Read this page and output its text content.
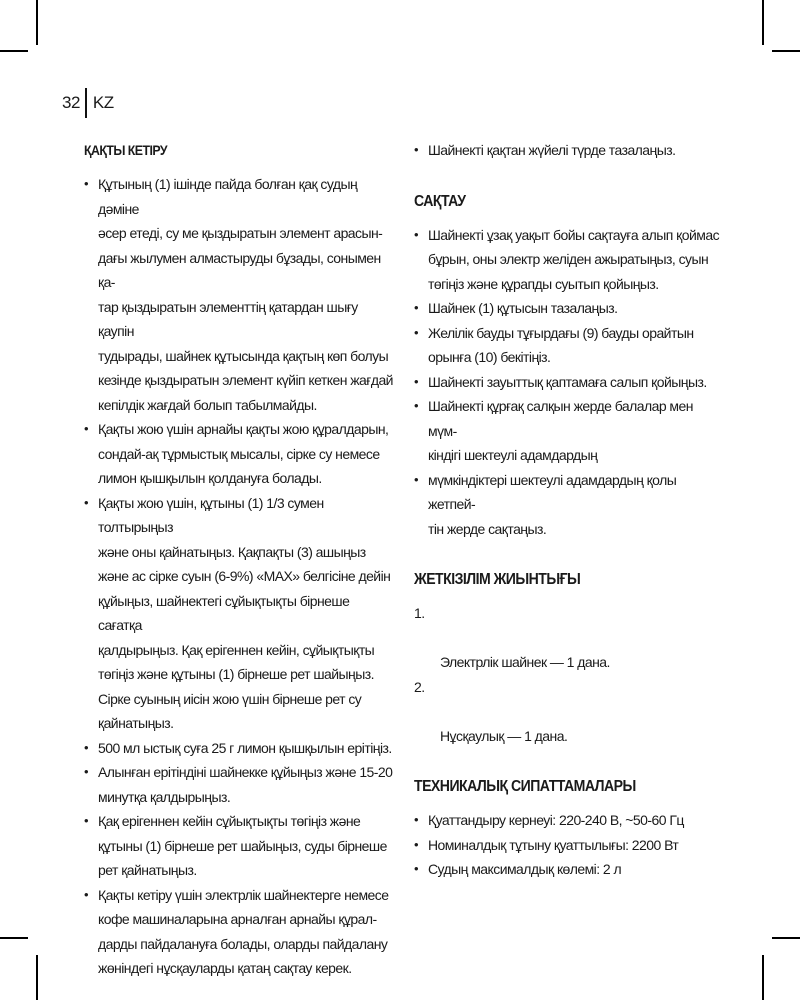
32 KZ
ҚАҚТЫ КЕТІРУ
• Құтының (1) ішінде пайда болған қақ судың дәміне
әсер етеді, су ме қыздыратын элемент арасын-
дағы жылумен алмастыруды бұзады, сонымен қа-
тар қыздыратын элементтің қатардан шығу қаупін
тудырады, шайнек құтысында қақтың көп болуы
кезінде қыздыратын элемент күйіп кеткен жағдай
кепілдік жағдай болып табылмайды.
• Қақты жою үшін арнайы қақты жою құралдарын,
сондай-ақ тұрмыстық мысалы, сірке су немесе
лимон қышқылын қолдануға болады.
• Қақты жою үшін, құтыны (1) 1/3 сумен толтырыңыз
және оны қайнатыңыз. Қақпақты (3) ашыңыз
және ас сірке суын (6-9%) «MAX» белгісіне дейін
құйыңыз, шайнектегі сұйықтықты бірнеше сағатқа
қалдырыңыз. Қақ ерігеннен кейін, сұйықтықты
төгіңіз және құтыны (1) бірнеше рет шайыңыз.
Сірке суының иісін жою үшін бірнеше рет су
қайнатыңыз.
• 500 мл ыстық суға 25 г лимон қышқылын ерітіңіз.
• Алынған ерітіндіні шайнекке құйыңыз және 15-20
минутқа қалдырыңыз.
• Қақ ерігеннен кейін сұйықтықты төгіңіз және
құтыны (1) бірнеше рет шайыңыз, суды бірнеше
рет қайнатыңыз.
• Қақты кетіру үшін электрлік шайнектерге немесе
кофе машиналарына арналған арнайы құрал-
дарды пайдалануға болады, оларды пайдалану
жөніндегі нұсқауларды қатаң сақтау керек.
• Шайнекті қақтан жүйелі түрде тазалаңыз.
САҚТАУ
• Шайнекті ұзақ уақыт бойы сақтауға алып қоймас
бұрын, оны электр желіден ажыратыңыз, суын
төгіңіз және құрапды суытып қойыңыз.
• Шайнек (1) құтысын тазалаңыз.
• Желілік бауды тұғырдағы (9) бауды орайтын
орынға (10) бекітіңіз.
• Шайнекті зауыттық қаптамаға салып қойыңыз.
• Шайнекті құрғақ салқын жерде балалар мен мүм-
кіндігі шектеулі адамдардың
• мүмкіндіктері шектеулі адамдардың қолы жетпей-
тін жерде сақтаңыз.
ЖЕТКІЗІЛІМ ЖИЫНТЫҒЫ

1.

Электрлік шайнек — 1 дана.

2.

Нұсқаулық — 1 дана.

ТЕХНИКАЛЫҚ СИПАТТАМАЛАРЫ
• Қуаттандыру кернеуі: 220-240 В, ~50-60 Гц
• Номиналдық тұтыну қуаттылығы: 2200 Вт
• Судың максималдық көлемі: 2 л
